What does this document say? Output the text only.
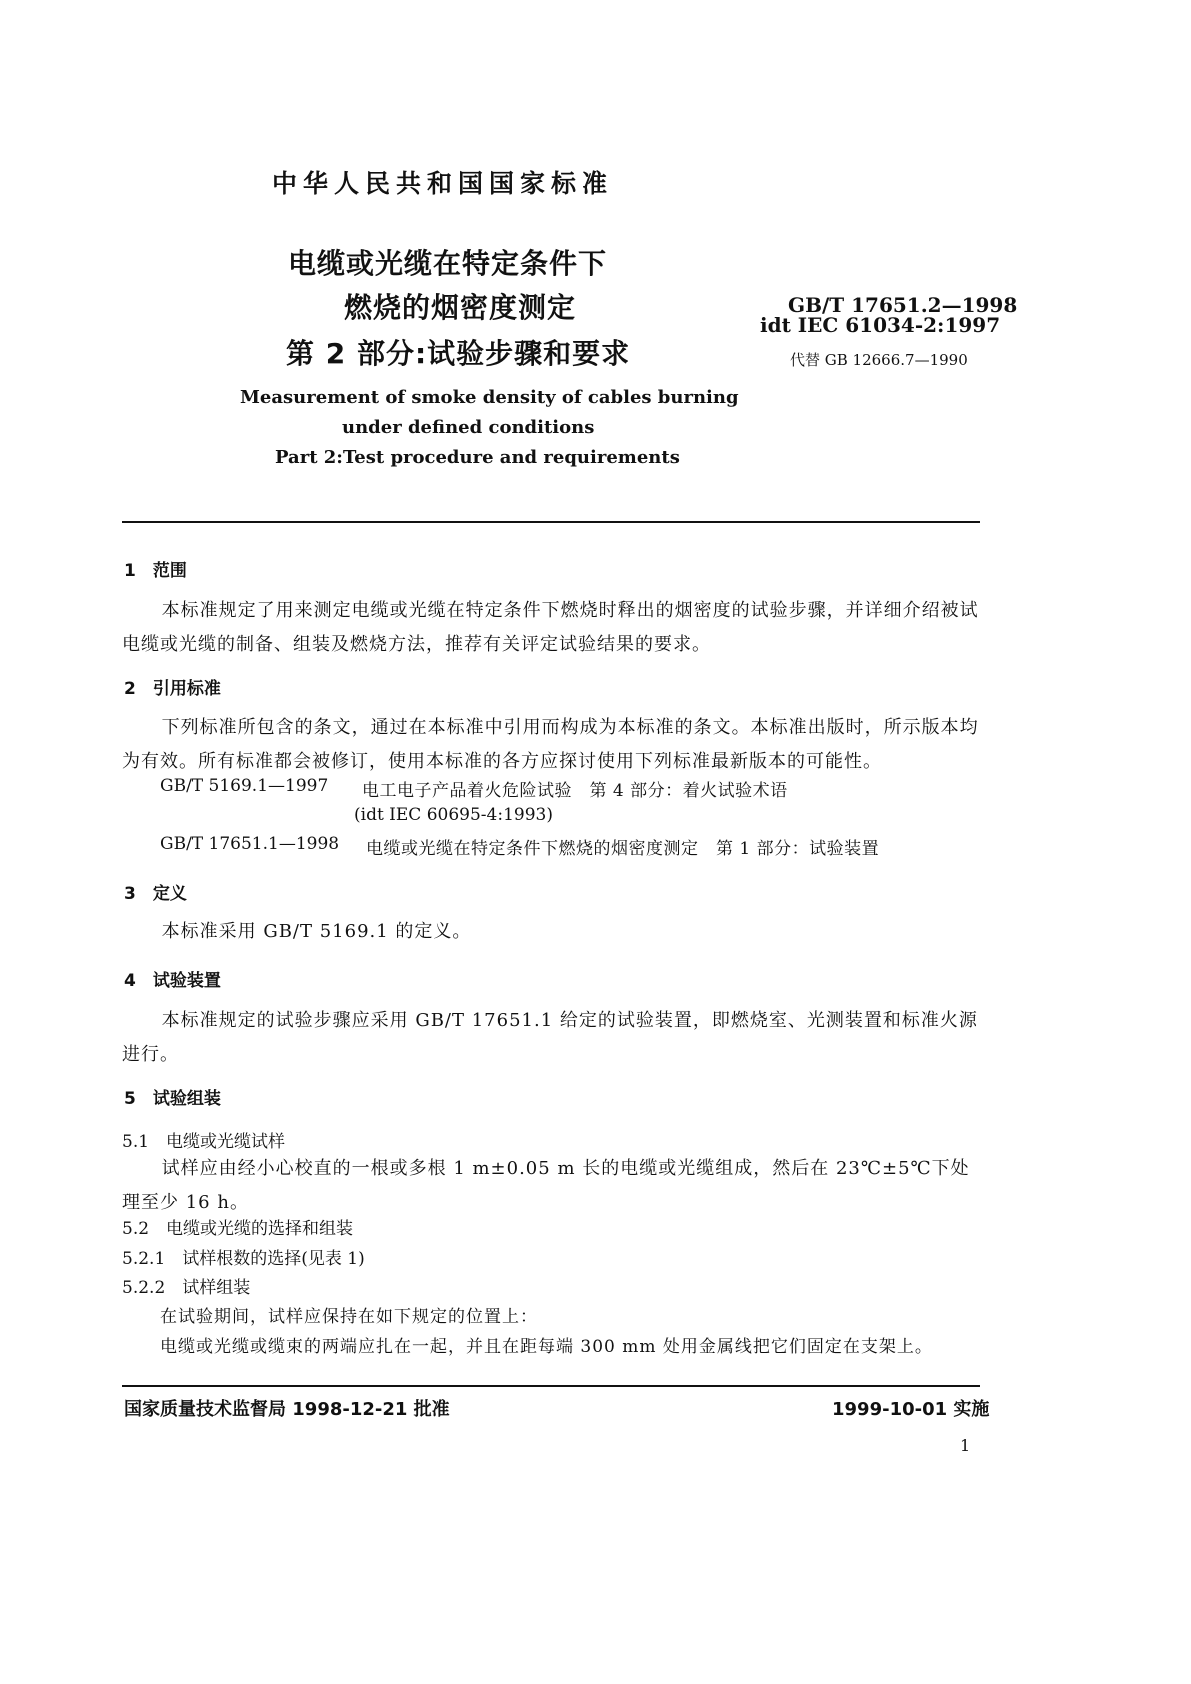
中华人民共和国国家标准
电缆或光缆在特定条件下
燃烧的烟密度测定
第 2 部分:试验步骤和要求
GB/T 17651.2—1998
idt IEC 61034-2:1997
代替 GB 12666.7—1990
Measurement of smoke density of cables burning
under defined conditions
Part 2:Test procedure and requirements
1　范围

本标准规定了用来测定电缆或光缆在特定条件下燃烧时释出的烟密度的试验步骤，并详细介绍被试电缆或光缆的制备、组装及燃烧方法，推荐有关评定试验结果的要求。

2　引用标准

下列标准所包含的条文，通过在本标准中引用而构成为本标准的条文。本标准出版时，所示版本均为有效。所有标准都会被修订，使用本标准的各方应探讨使用下列标准最新版本的可能性。

GB/T 5169.1—1997 电工电子产品着火危险试验　第 4 部分：着火试验术语
(idt IEC 60695-4:1993)
GB/T 17651.1—1998 电缆或光缆在特定条件下燃烧的烟密度测定　第 1 部分：试验装置
3　定义

本标准采用 GB/T 5169.1 的定义。

4　试验装置

本标准规定的试验步骤应采用 GB/T 17651.1 给定的试验装置，即燃烧室、光测装置和标准火源进行。

5　试验组装
5.1　电缆或光缆试样

试样应由经小心校直的一根或多根 1 m±0.05 m 长的电缆或光缆组成，然后在 23℃±5℃下处理至少 16 h。

5.2　电缆或光缆的选择和组装
5.2.1　试样根数的选择(见表 1)
5.2.2　试样组装
在试验期间，试样应保持在如下规定的位置上：
电缆或光缆或缆束的两端应扎在一起，并且在距每端 300 mm 处用金属线把它们固定在支架上。
国家质量技术监督局 1998-12-21 批准	1999-10-01 实施
1
